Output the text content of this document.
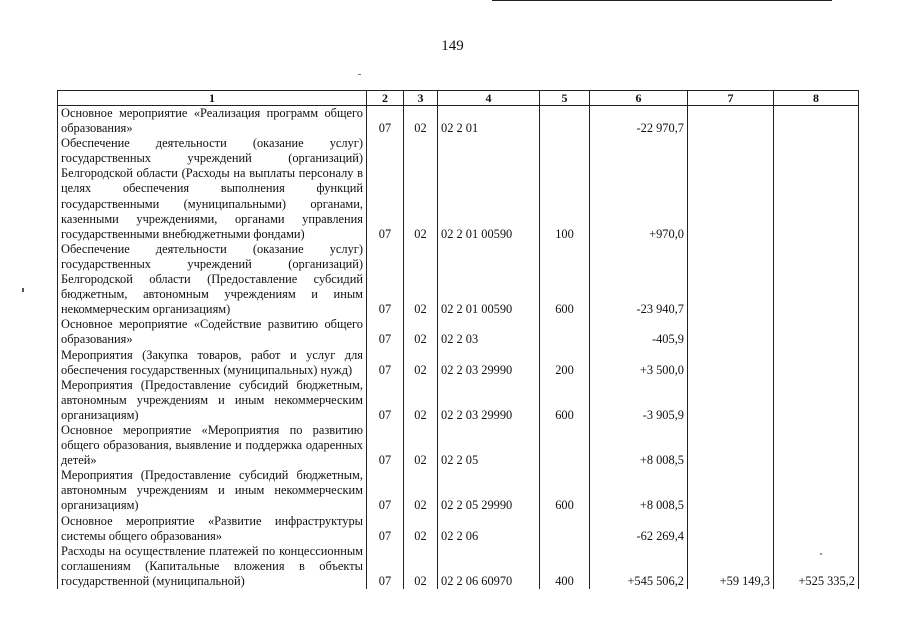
149
1	2	3	4	5	6	7	8
Основное мероприятие «Реализация программ общего образования»	07	02	02 2 01		-22 970,7		
Обеспечение деятельности (оказание услуг) государственных учреждений (организаций) Белгородской области (Расходы на выплаты персоналу в целях обеспечения выполнения функций государственными (муниципальными) органами, казенными учреждениями, органами управления государственными внебюджетными фондами)	07	02	02 2 01 00590	100	+970,0		
Обеспечение деятельности (оказание услуг) государственных учреждений (организаций) Белгородской области (Предоставление субсидий бюджетным, автономным учреждениям и иным некоммерческим организациям)	07	02	02 2 01 00590	600	-23 940,7		
Основное мероприятие «Содействие развитию общего образования»	07	02	02 2 03		-405,9		
Мероприятия (Закупка товаров, работ и услуг для обеспечения государственных (муниципальных) нужд)	07	02	02 2 03 29990	200	+3 500,0		
Мероприятия (Предоставление субсидий бюджетным, автономным учреждениям и иным некоммерческим организациям)	07	02	02 2 03 29990	600	-3 905,9		
Основное мероприятие «Мероприятия по развитию общего образования, выявление и поддержка одаренных детей»	07	02	02 2 05		+8 008,5		
Мероприятия (Предоставление субсидий бюджетным, автономным учреждениям и иным некоммерческим организациям)	07	02	02 2 05 29990	600	+8 008,5		
Основное мероприятие «Развитие инфраструктуры системы общего образования»	07	02	02 2 06		-62 269,4		
Расходы на осуществление платежей по концессионным соглашениям (Капитальные вложения в объекты государственной (муниципальной)	07	02	02 2 06 60970	400	+545 506,2	+59 149,3	+525 335,2
